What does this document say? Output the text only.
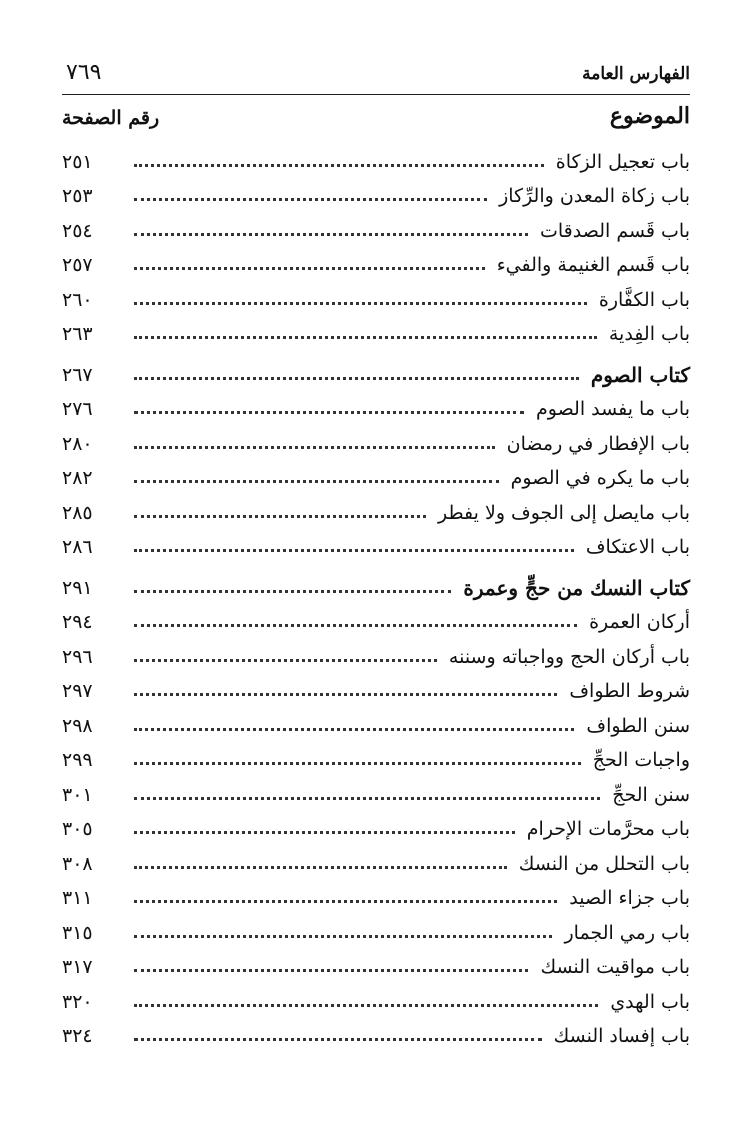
الفهارس العامة
٧٦٩
الموضوع
رقم الصفحة
باب تعجيل الزكاة
٢٥١
باب زكاة المعدن والرِّكاز
٢٥٣
باب قَسم الصدقات
٢٥٤
باب قَسم الغنيمة والفيء
٢٥٧
باب الكفَّارة
٢٦٠
باب الفِدية
٢٦٣
كتاب الصوم
٢٦٧
باب ما يفسد الصوم
٢٧٦
باب الإفطار في رمضان
٢٨٠
باب ما يكره في الصوم
٢٨٢
باب مايصل إلى الجوف ولا يفطر
٢٨٥
باب الاعتكاف
٢٨٦
كتاب النسك من حجٍّ وعمرة
٢٩١
أركان العمرة
٢٩٤
باب أركان الحج وواجباته وسننه
٢٩٦
شروط الطواف
٢٩٧
سنن الطواف
٢٩٨
واجبات الحجِّ
٢٩٩
سنن الحجِّ
٣٠١
باب محرَّمات الإحرام
٣٠٥
باب التحلل من النسك
٣٠٨
باب جزاء الصيد
٣١١
باب رمي الجمار
٣١٥
باب مواقيت النسك
٣١٧
باب الهدي
٣٢٠
باب إفساد النسك
٣٢٤
